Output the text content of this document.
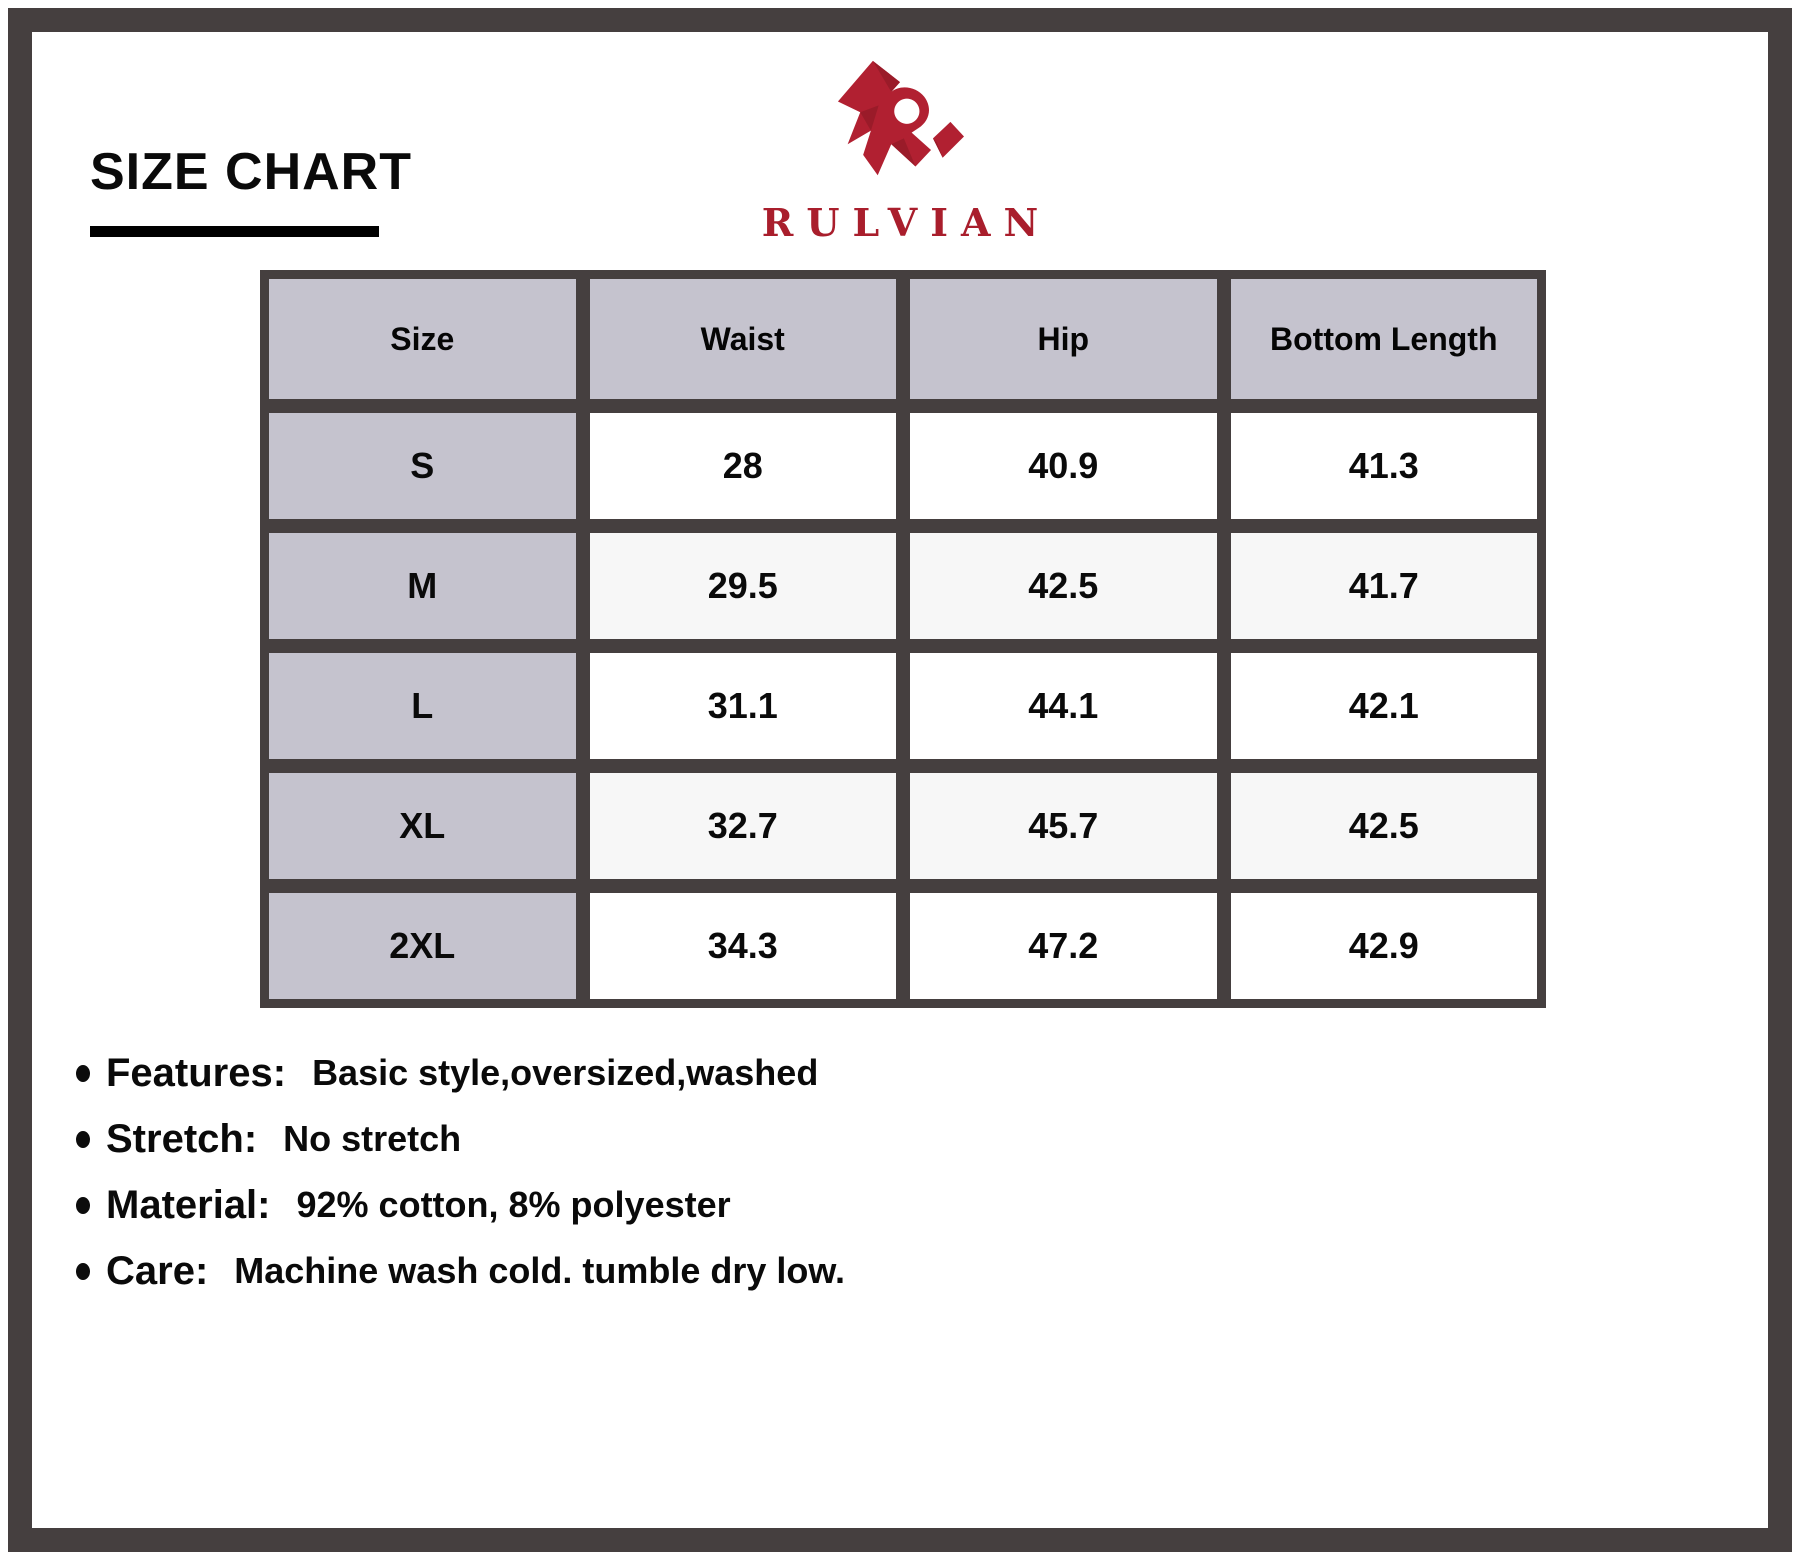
SIZE CHART
RULVIAN
Size	Waist	Hip	Bottom Length
S	28	40.9	41.3
M	29.5	42.5	41.7
L	31.1	44.1	42.1
XL	32.7	45.7	42.5
2XL	34.3	47.2	42.9
Features: Basic style,oversized,washed
Stretch: No stretch
Material: 92% cotton, 8% polyester
Care: Machine wash cold. tumble dry low.
